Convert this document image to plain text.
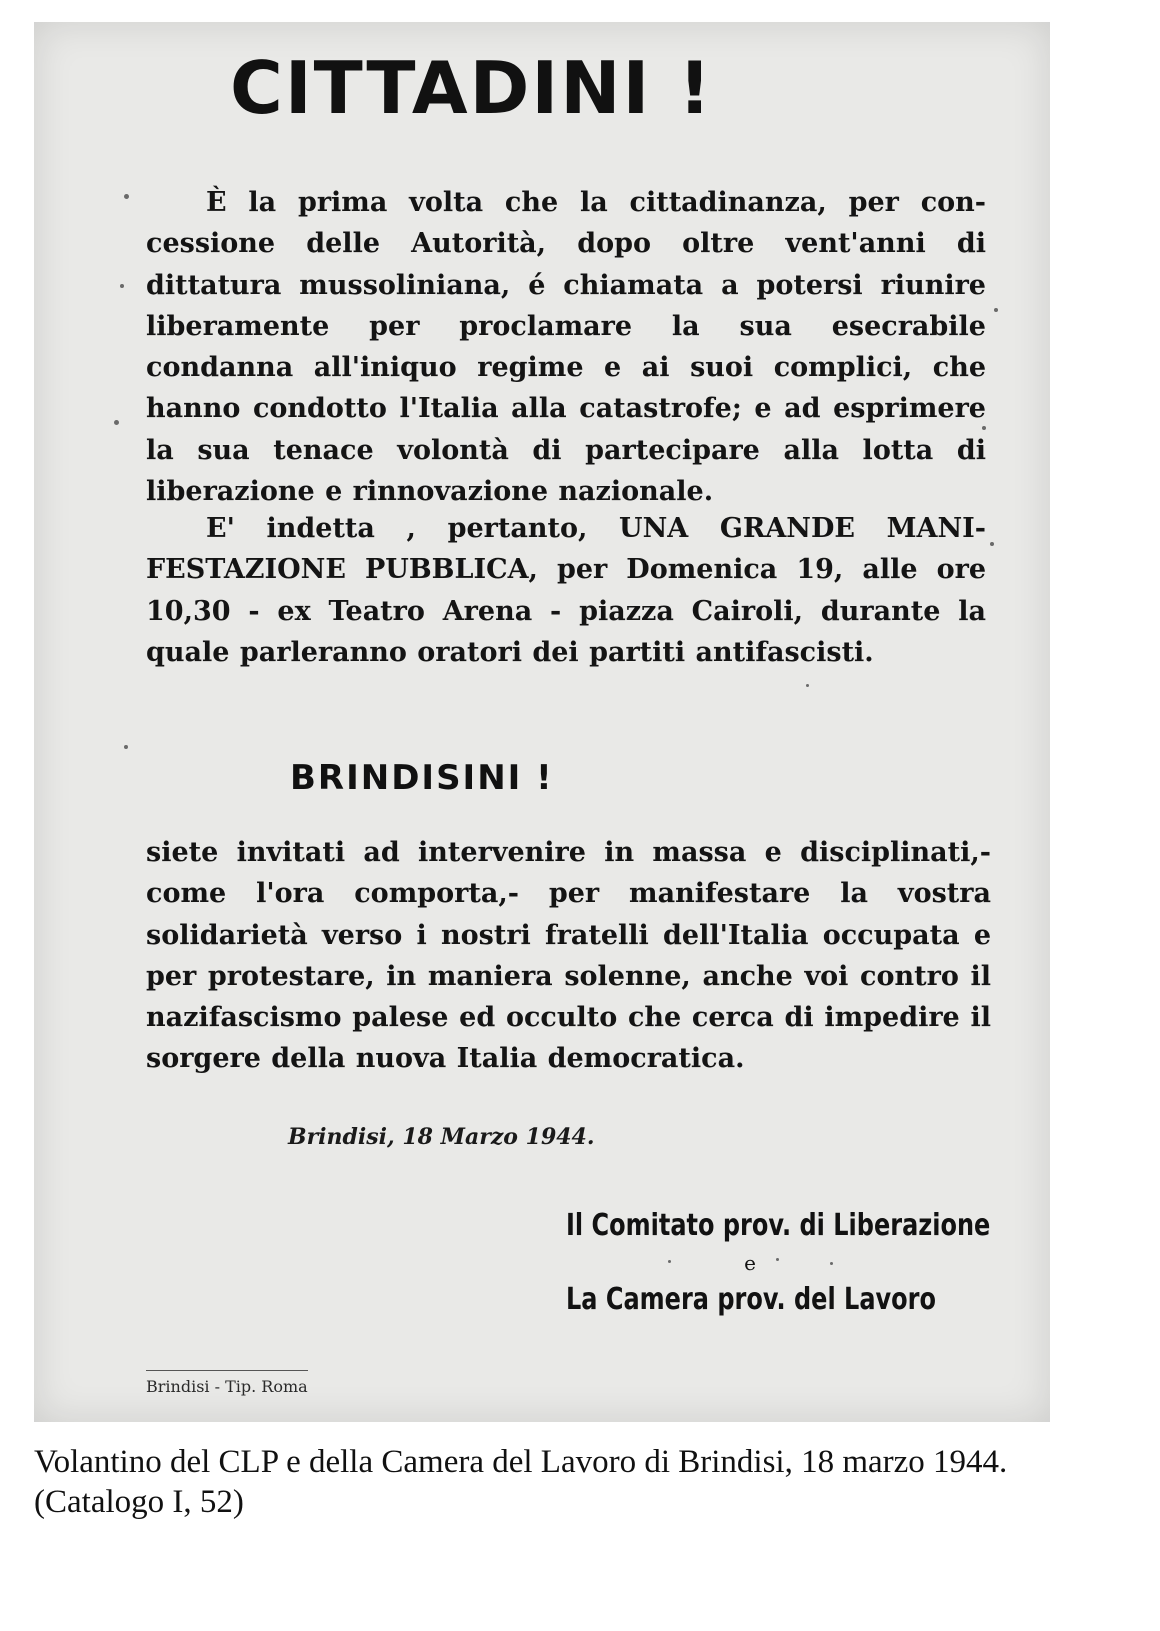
CITTADINI !

È la prima volta che la cittadinanza, per concessione delle Autorità, dopo oltre vent'anni di dittatura mussoliniana, é chiamata a potersi riunire liberamente per proclamare la sua esecrabile condanna all'iniquo regime e ai suoi complici, che hanno condotto l'Italia alla catastrofe; e ad esprimere la sua tenace volontà di partecipare alla lotta di liberazione e rinnovazione nazionale.

E' indetta , pertanto, UNA GRANDE MANIFESTAZIONE PUBBLICA, per Domenica 19, alle ore 10,30 - ex Teatro Arena - piazza Cairoli, durante la quale parleranno oratori dei partiti antifascisti.

BRINDISINI !

siete invitati ad intervenire in massa e disciplinati,- come l'ora comporta,- per manifestare la vostra solidarietà verso i nostri fratelli dell'Italia occupata e per protestare, in maniera solenne, anche voi contro il nazifascismo palese ed occulto che cerca di impedire il sorgere della nuova Italia democratica.

Brindisi, 18 Marzo 1944.

Il Comitato prov. di Liberazione
e
La Camera prov. del Lavoro

Brindisi - Tip. Roma

Volantino del CLP e della Camera del Lavoro di Brindisi, 18 marzo 1944. (Catalogo I, 52)
